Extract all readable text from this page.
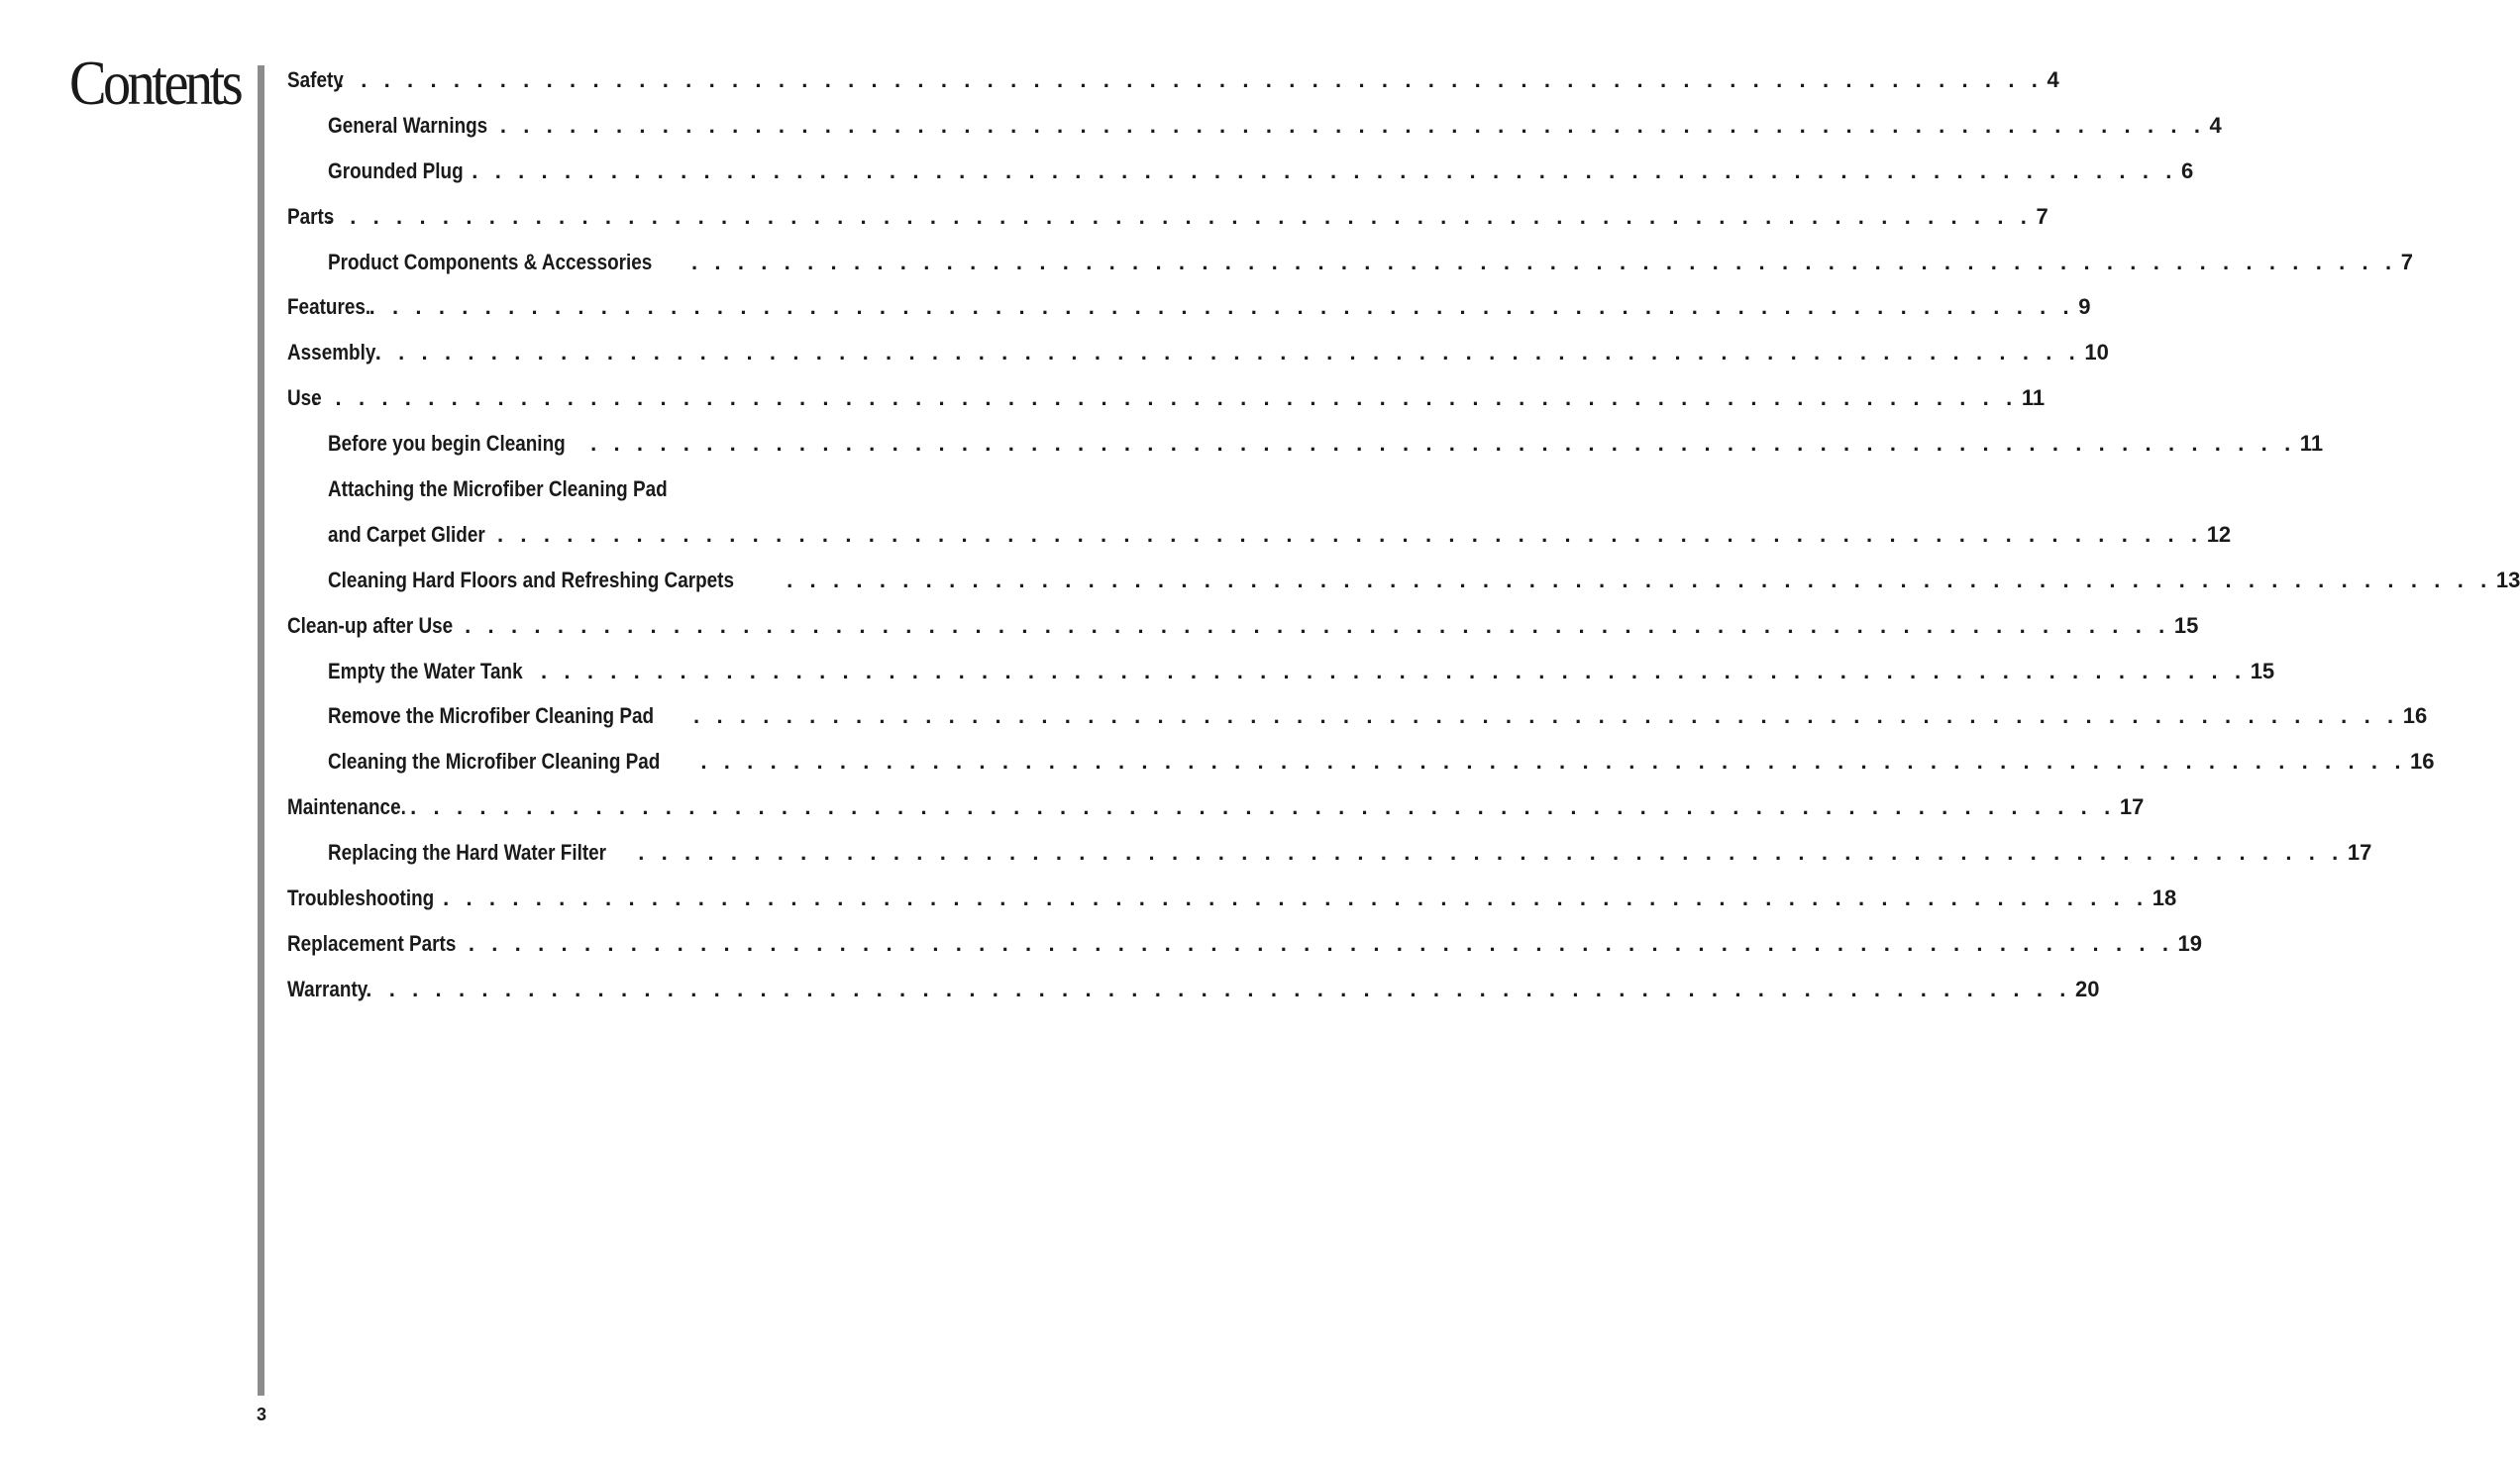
Contents Safety
. . . . . . . . . . . . . . . . . . . . . . . . . . . . . . . . . . . . . . . . . . . . . . . . . . . . . . . . . . . . . . . . . . . . . . . . . . 4
General Warnings . . . . . . . . . . . . . . . . . . . . . . . . . . . . . . . . . . . . . . . . . . . . . . . . . . . . . . . . . . . . . . . . . . . . . . . . . . 4
Grounded Plug . . . . . . . . . . . . . . . . . . . . . . . . . . . . . . . . . . . . . . . . . . . . . . . . . . . . . . . . . . . . . . . . . . . . . . . . . . 6
Parts
. . . . . . . . . . . . . . . . . . . . . . . . . . . . . . . . . . . . . . . . . . . . . . . . . . . . . . . . . . . . . . . . . . . . . . . . . . 7
Product Components & Accessories . . . . . . . . . . . . . . . . . . . . . . . . . . . . . . . . . . . . . . . . . . . . . . . . . . . . . . . . . . . . . . . . . . . . . . . . . . 7
Features.
. . . . . . . . . . . . . . . . . . . . . . . . . . . . . . . . . . . . . . . . . . . . . . . . . . . . . . . . . . . . . . . . . . . . . . . . . . 9
Assembly . . . . . . . . . . . . . . . . . . . . . . . . . . . . . . . . . . . . . . . . . . . . . . . . . . . . . . . . . . . . . . . . . . . . . . . . . . 10
Use
. . . . . . . . . . . . . . . . . . . . . . . . . . . . . . . . . . . . . . . . . . . . . . . . . . . . . . . . . . . . . . . . . . . . . . . . . . 11
Before you begin Cleaning . . . . . . . . . . . . . . . . . . . . . . . . . . . . . . . . . . . . . . . . . . . . . . . . . . . . . . . . . . . . . . . . . . . . . . . . . . 11
Attaching the Microfiber Cleaning Pad
and Carpet Glider . . . . . . . . . . . . . . . . . . . . . . . . . . . . . . . . . . . . . . . . . . . . . . . . . . . . . . . . . . . . . . . . . . . . . . . . . . 12
Cleaning Hard Floors and Refreshing Carpets . . . . . . . . . . . . . . . . . . . . . . . . . . . . . . . . . . . . . . . . . . . . . . . . . . . . . . . . . . . . . . . . . . . . . . . . . . 13
Clean-up after Use . . . . . . . . . . . . . . . . . . . . . . . . . . . . . . . . . . . . . . . . . . . . . . . . . . . . . . . . . . . . . . . . . . . . . . . . . . 15
Empty the Water Tank . . . . . . . . . . . . . . . . . . . . . . . . . . . . . . . . . . . . . . . . . . . . . . . . . . . . . . . . . . . . . . . . . . . . . . . . . . 15
Remove the Microfiber Cleaning Pad . . . . . . . . . . . . . . . . . . . . . . . . . . . . . . . . . . . . . . . . . . . . . . . . . . . . . . . . . . . . . . . . . . . . . . . . . . 16
Cleaning the Microfiber Cleaning Pad . . . . . . . . . . . . . . . . . . . . . . . . . . . . . . . . . . . . . . . . . . . . . . . . . . . . . . . . . . . . . . . . . . . . . . . . . . 16
Maintenance. . . . . . . . . . . . . . . . . . . . . . . . . . . . . . . . . . . . . . . . . . . . . . . . . . . . . . . . . . . . . . . . . . . . . . . . . . . 17
Replacing the Hard Water Filter . . . . . . . . . . . . . . . . . . . . . . . . . . . . . . . . . . . . . . . . . . . . . . . . . . . . . . . . . . . . . . . . . . . . . . . . . . 17
Troubleshooting . . . . . . . . . . . . . . . . . . . . . . . . . . . . . . . . . . . . . . . . . . . . . . . . . . . . . . . . . . . . . . . . . . . . . . . . . . 18
Replacement Parts . . . . . . . . . . . . . . . . . . . . . . . . . . . . . . . . . . . . . . . . . . . . . . . . . . . . . . . . . . . . . . . . . . . . . . . . . . 19
Warranty
. . . . . . . . . . . . . . . . . . . . . . . . . . . . . . . . . . . . . . . . . . . . . . . . . . . . . . . . . . . . . . . . . . . . . . . . . . 20
3
